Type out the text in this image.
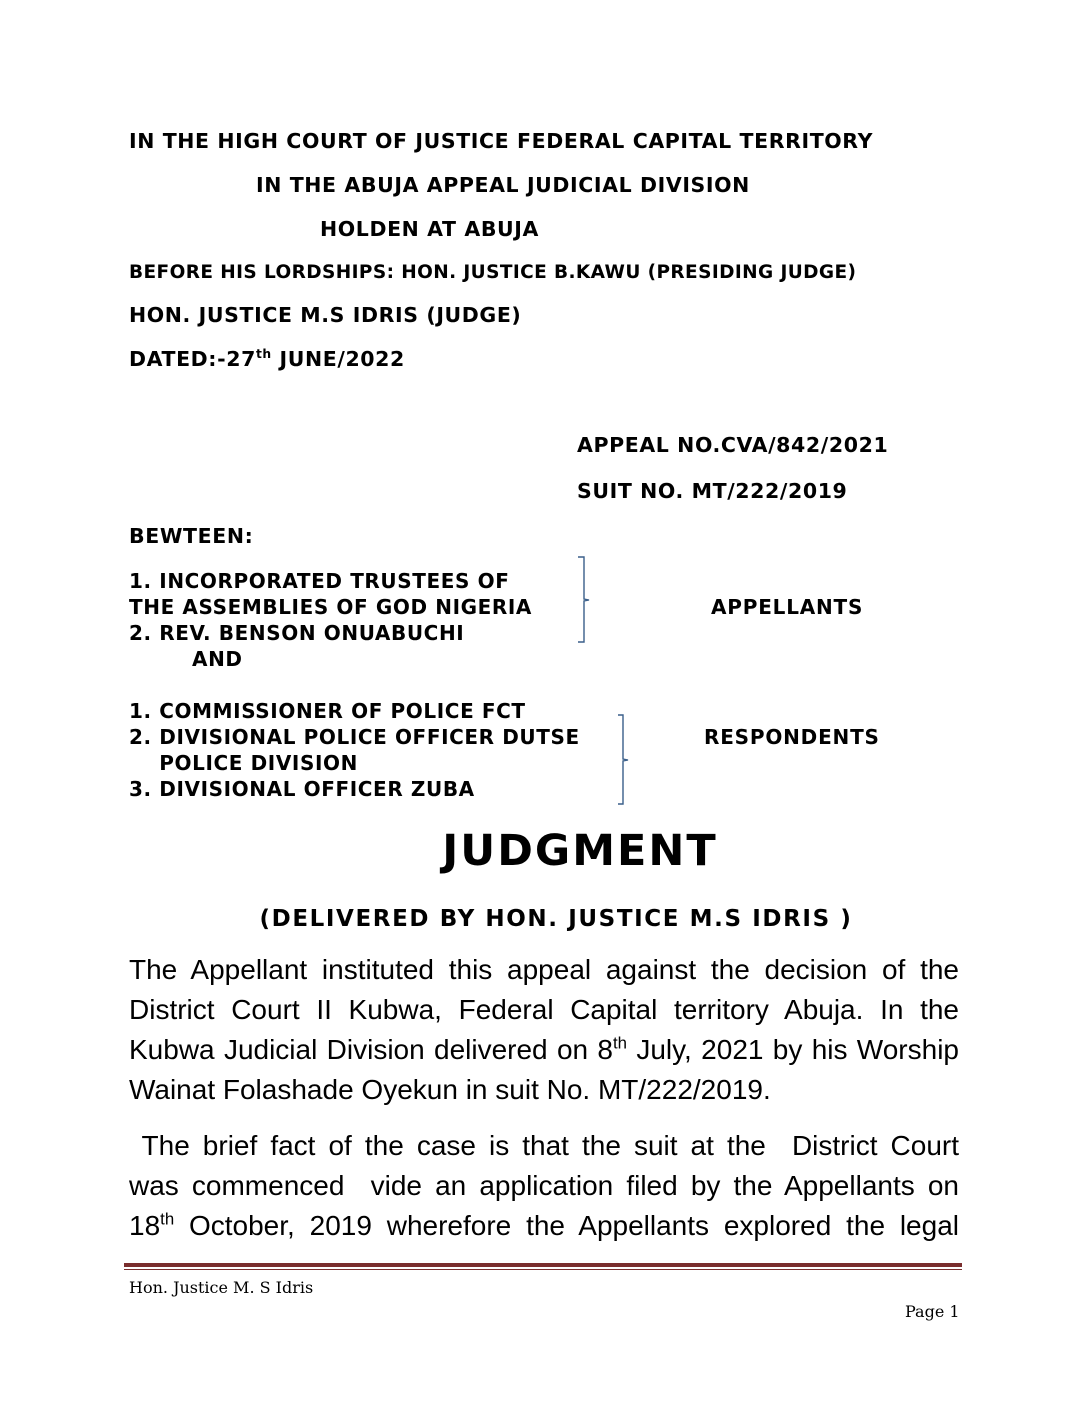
IN THE HIGH COURT OF JUSTICE FEDERAL CAPITAL TERRITORY
IN THE ABUJA APPEAL JUDICIAL DIVISION
HOLDEN AT ABUJA
BEFORE HIS LORDSHIPS: HON. JUSTICE B.KAWU (PRESIDING JUDGE)
HON. JUSTICE M.S IDRIS (JUDGE)
DATED:-27th JUNE/2022
APPEAL NO.CVA/842/2021
SUIT NO. MT/222/2019
BEWTEEN:
1. INCORPORATED TRUSTEES OF
THE ASSEMBLIES OF GOD NIGERIA
2. REV. BENSON ONUABUCHI
APPELLANTS
AND
1. COMMISSIONER OF POLICE FCT
2. DIVISIONAL POLICE OFFICER DUTSE
POLICE DIVISION
3. DIVISIONAL OFFICER ZUBA
RESPONDENTS
JUDGMENT
(DELIVERED BY HON. JUSTICE M.S IDRIS )
The Appellant instituted this appeal against the decision of the
District Court II Kubwa, Federal Capital territory Abuja. In the
Kubwa Judicial Division delivered on 8th July, 2021 by his Worship
Wainat Folashade Oyekun in suit No. MT/222/2019.
The brief fact of the case is that the suit at the  District Court
was commenced  vide an application filed by the Appellants on
18th October, 2019 wherefore the Appellants explored the legal
Hon. Justice M. S Idris
Page 1
